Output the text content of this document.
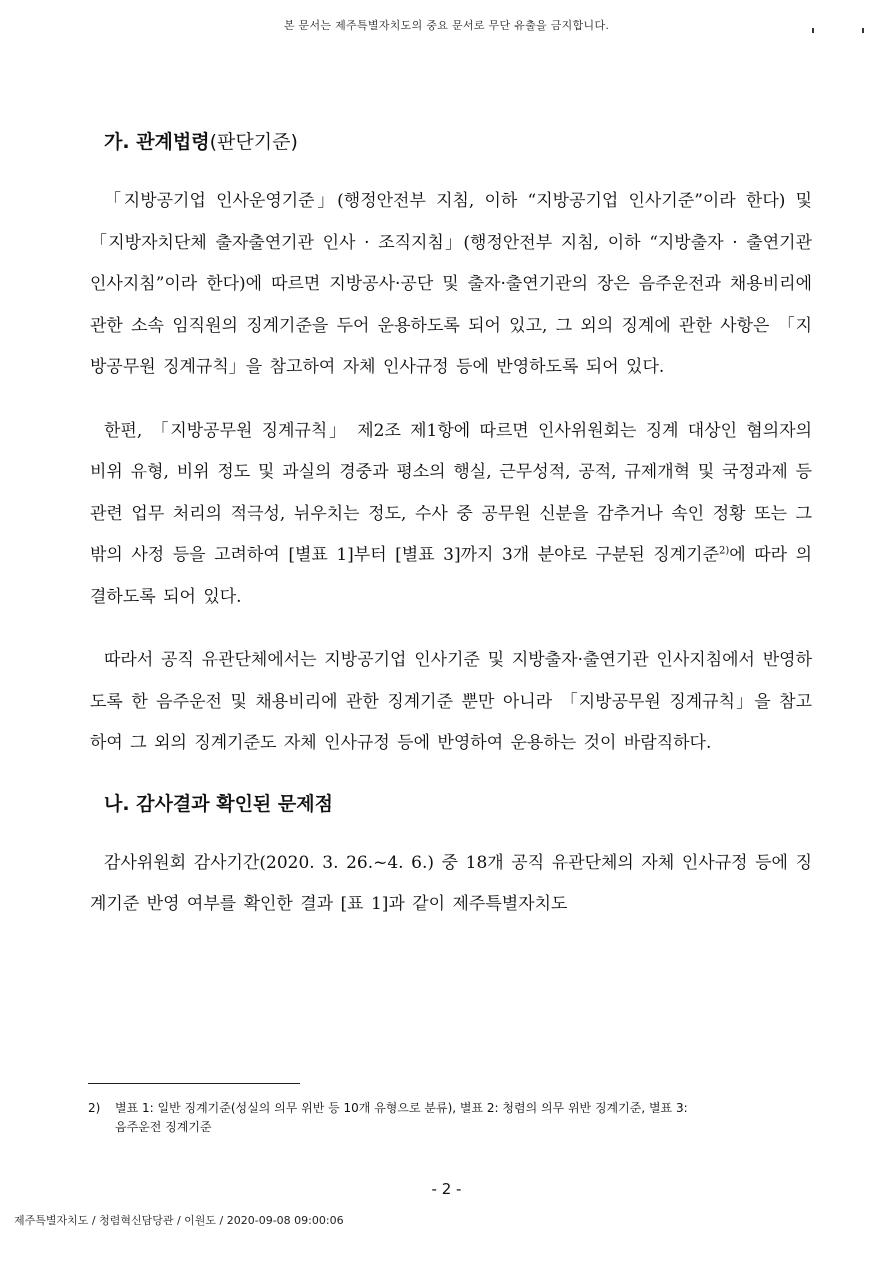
본 문서는 제주특별자치도의 중요 문서로 무단 유출을 금지합니다.
가. 관계법령(판단기준)

「지방공기업 인사운영기준」(행정안전부 지침, 이하 “지방공기업 인사기준”이라 한다) 및 「지방자치단체 출자출연기관 인사 · 조직지침」(행정안전부 지침, 이하 “지방출자 · 출연기관 인사지침”이라 한다)에 따르면 지방공사·공단 및 출자·출연기관의 장은 음주운전과 채용비리에 관한 소속 임직원의 징계기준을 두어 운용하도록 되어 있고, 그 외의 징계에 관한 사항은 「지방공무원 징계규칙」을 참고하여 자체 인사규정 등에 반영하도록 되어 있다.

한편, 「지방공무원 징계규칙」 제2조 제1항에 따르면 인사위원회는 징계 대상인 혐의자의 비위 유형, 비위 정도 및 과실의 경중과 평소의 행실, 근무성적, 공적, 규제개혁 및 국정과제 등 관련 업무 처리의 적극성, 뉘우치는 정도, 수사 중 공무원 신분을 감추거나 속인 정황 또는 그 밖의 사정 등을 고려하여 [별표 1]부터 [별표 3]까지 3개 분야로 구분된 징계기준$^{2)}$에 따라 의결하도록 되어 있다.

따라서 공직 유관단체에서는 지방공기업 인사기준 및 지방출자·출연기관 인사지침에서 반영하도록 한 음주운전 및 채용비리에 관한 징계기준 뿐만 아니라 「지방공무원 징계규칙」을 참고하여 그 외의 징계기준도 자체 인사규정 등에 반영하여 운용하는 것이 바람직하다.

나. 감사결과 확인된 문제점

감사위원회 감사기간(2020. 3. 26.~4. 6.) 중 18개 공직 유관단체의 자체 인사규정 등에 징계기준 반영 여부를 확인한 결과 [표 1]과 같이 제주특별자치도

2) 별표 1: 일반 징계기준(성실의 의무 위반 등 10개 유형으로 분류), 별표 2: 청렴의 의무 위반 징계기준, 별표 3:
음주운전 징계기준
- 2 -
제주특별자치도 / 청렴혁신담당관 / 이원도 / 2020-09-08 09:00:06
